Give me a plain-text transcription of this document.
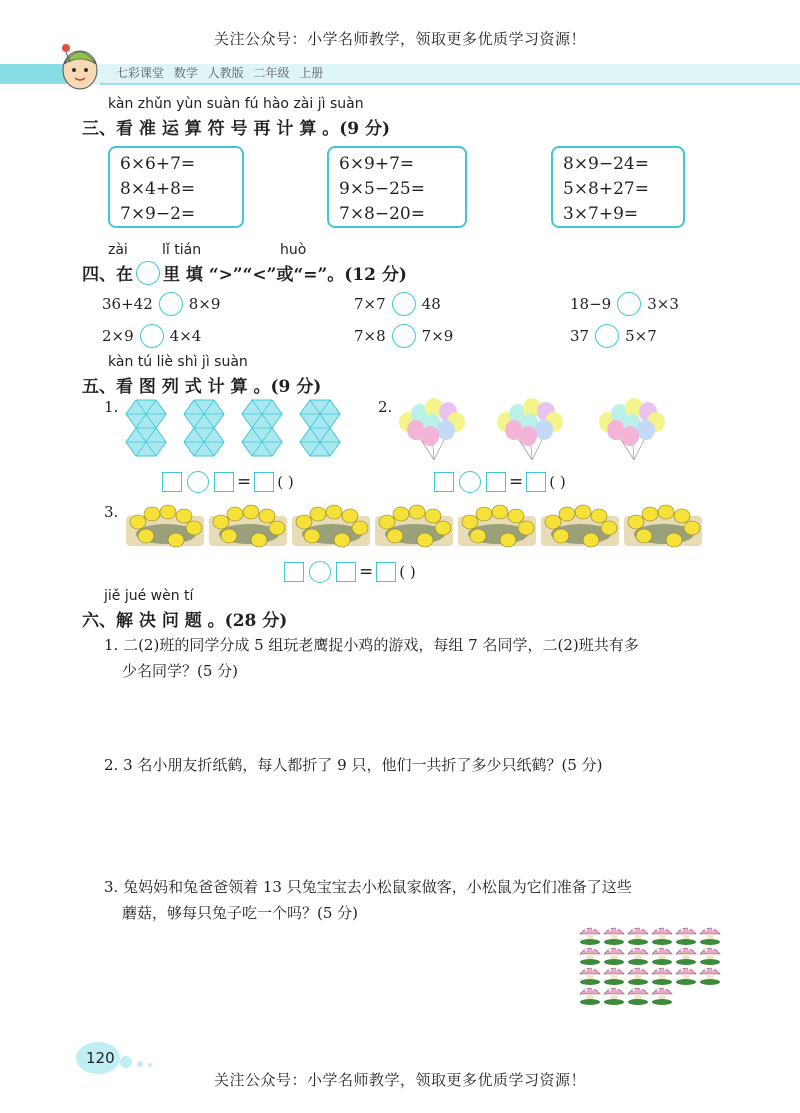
关注公众号：小学名师教学，领取更多优质学习资源！
七彩课堂 数学 人教版 二年级 上册
kàn zhǔn yùn suàn fú hào zài jì suàn
三、看 准 运 算 符 号 再 计 算 。(9 分)
6×6+7=
8×4+8=
7×9−2=
6×9+7=
9×5−25=
7×8−20=
8×9−24=
5×8+27=
3×7+9=
zài lǐ tián	huò
四、在 里 填 “>”“<”或“=”。(12 分)
36+42 8×9	7×7 48	18−9 3×3
2×9 4×4	7×8 7×9	37 5×7
kàn tú liè shì jì suàn
五、看 图 列 式 计 算 。(9 分)
1.	2.
= ( )	= ( )
3.
= ( )
jiě jué wèn tí
六、解 决 问 题 。(28 分)
1. 二(2)班的同学分成 5 组玩老鹰捉小鸡的游戏，每组 7 名同学，二(2)班共有多
少名同学？(5 分)
2. 3 名小朋友折纸鹤，每人都折了 9 只，他们一共折了多少只纸鹤？(5 分)
3. 兔妈妈和兔爸爸领着 13 只兔宝宝去小松鼠家做客，小松鼠为它们准备了这些
蘑菇，够每只兔子吃一个吗？(5 分)
120
关注公众号：小学名师教学，领取更多优质学习资源！
